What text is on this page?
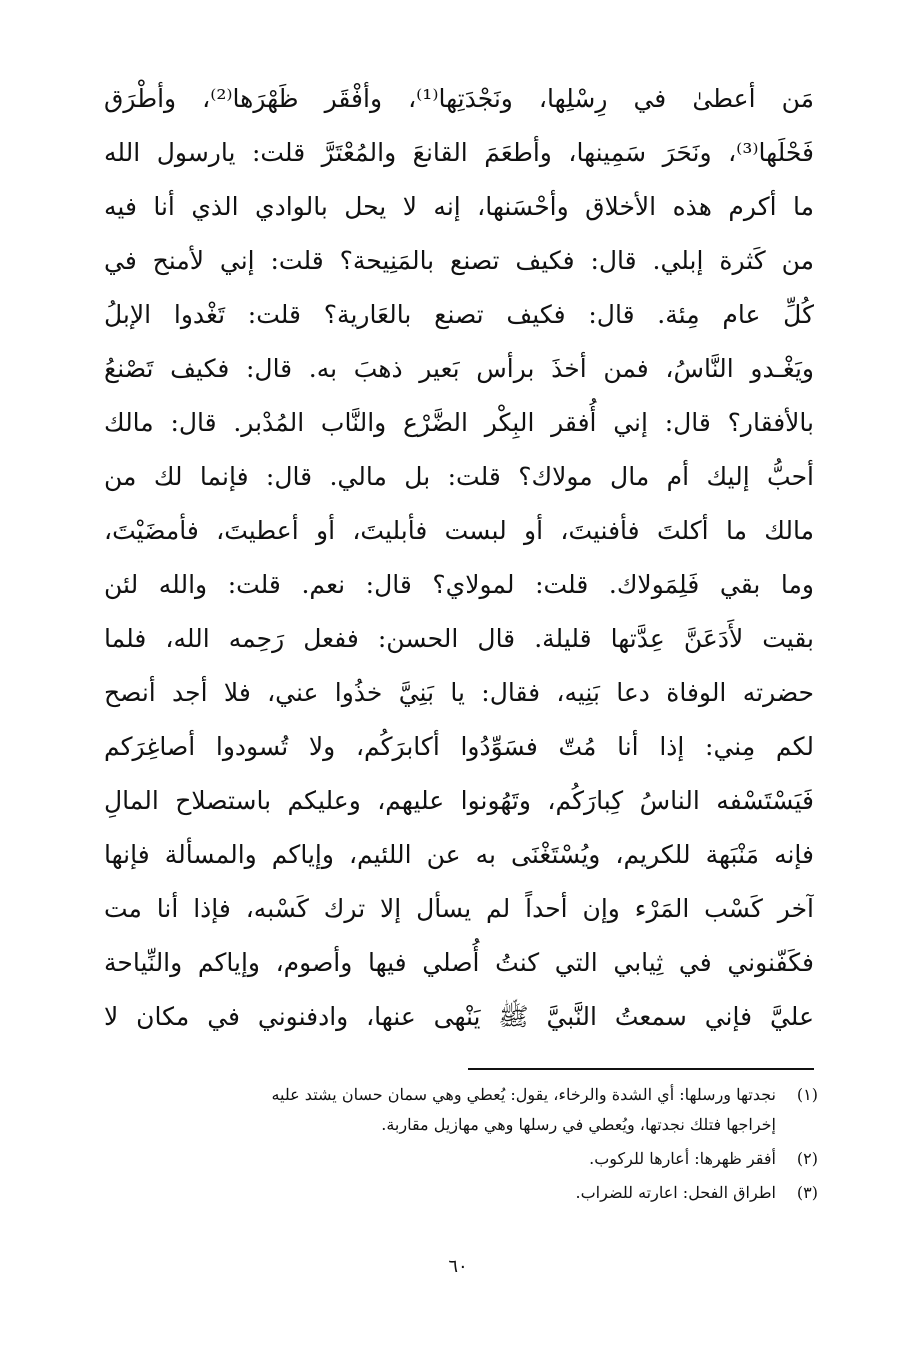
مَن أعطىٰ في رِسْلِها، ونَجْدَتِها⁽¹⁾، وأفْقَر ظَهْرَها⁽²⁾، وأطْرَق
فَحْلَها⁽³⁾، ونَحَرَ سَمِينها، وأطعَمَ القانعَ والمُعْتَرَّ قلت: يارسول الله
ما أكرم هذه الأخلاق وأحْسَنها، إنه لا يحل بالوادي الذي أنا فيه
من كَثرة إبلي. قال: فكيف تصنع بالمَنِيحة؟ قلت: إني لأمنح في
كُلِّ عام مِئة. قال: فكيف تصنع بالعَارية؟ قلت: تَغْدوا الإبلُ
ويَغْـدو النَّاسُ، فمن أخذَ برأس بَعير ذهبَ به. قال: فكيف تَصْنعُ
بالأفقار؟ قال: إني أُفقر البِكْر الضَّرْع والنَّاب المُدْبر. قال: مالك
أحبُّ إليك أم مال مولاك؟ قلت: بل مالي. قال: فإنما لك من
مالك ما أكلتَ فأفنيتَ، أو لبست فأبليتَ، أو أعطيتَ، فأمضَيْتَ،
وما بقي فَلِمَولاك. قلت: لمولاي؟ قال: نعم. قلت: والله لئن
بقيت لأَدَعَنَّ عِدَّتها قليلة. قال الحسن: ففعل رَحِمه الله، فلما
حضرته الوفاة دعا بَنِيه، فقال: يا بَنِيَّ خذُوا عني، فلا أجد أنصح
لكم مِني: إذا أنا مُتّ فسَوِّدُوا أكابرَكُم، ولا تُسودوا أصاغِرَكم
فَيَسْتَسْفه الناسُ كِبارَكُم، وتَهُونوا عليهم، وعليكم باستصلاح المالِ
فإنه مَنْبَهة للكريم، ويُسْتَغْنَى به عن اللئيم، وإياكم والمسألة فإنها
آخر كَسْب المَرْء وإن أحداً لم يسأل إلا ترك كَسْبه، فإذا أنا مت
فكَفّنوني في ثِيابي التي كنتُ أُصلي فيها وأصوم، وإياكم والنِّياحة
عليَّ فإني سمعتُ النَّبيَّ ﷺ يَنْهى عنها، وادفنوني في مكان لا
(١)
نجدتها ورسلها: أي الشدة والرخاء، يقول: يُعطي وهي سمان حسان يشتد عليه
إخراجها فتلك نجدتها، ويُعطي في رسلها وهي مهازيل مقاربة.
(٢)
أفقر ظهرها: أعارها للركوب.
(٣)
اطراق الفحل: اعارته للضراب.
٦٠
